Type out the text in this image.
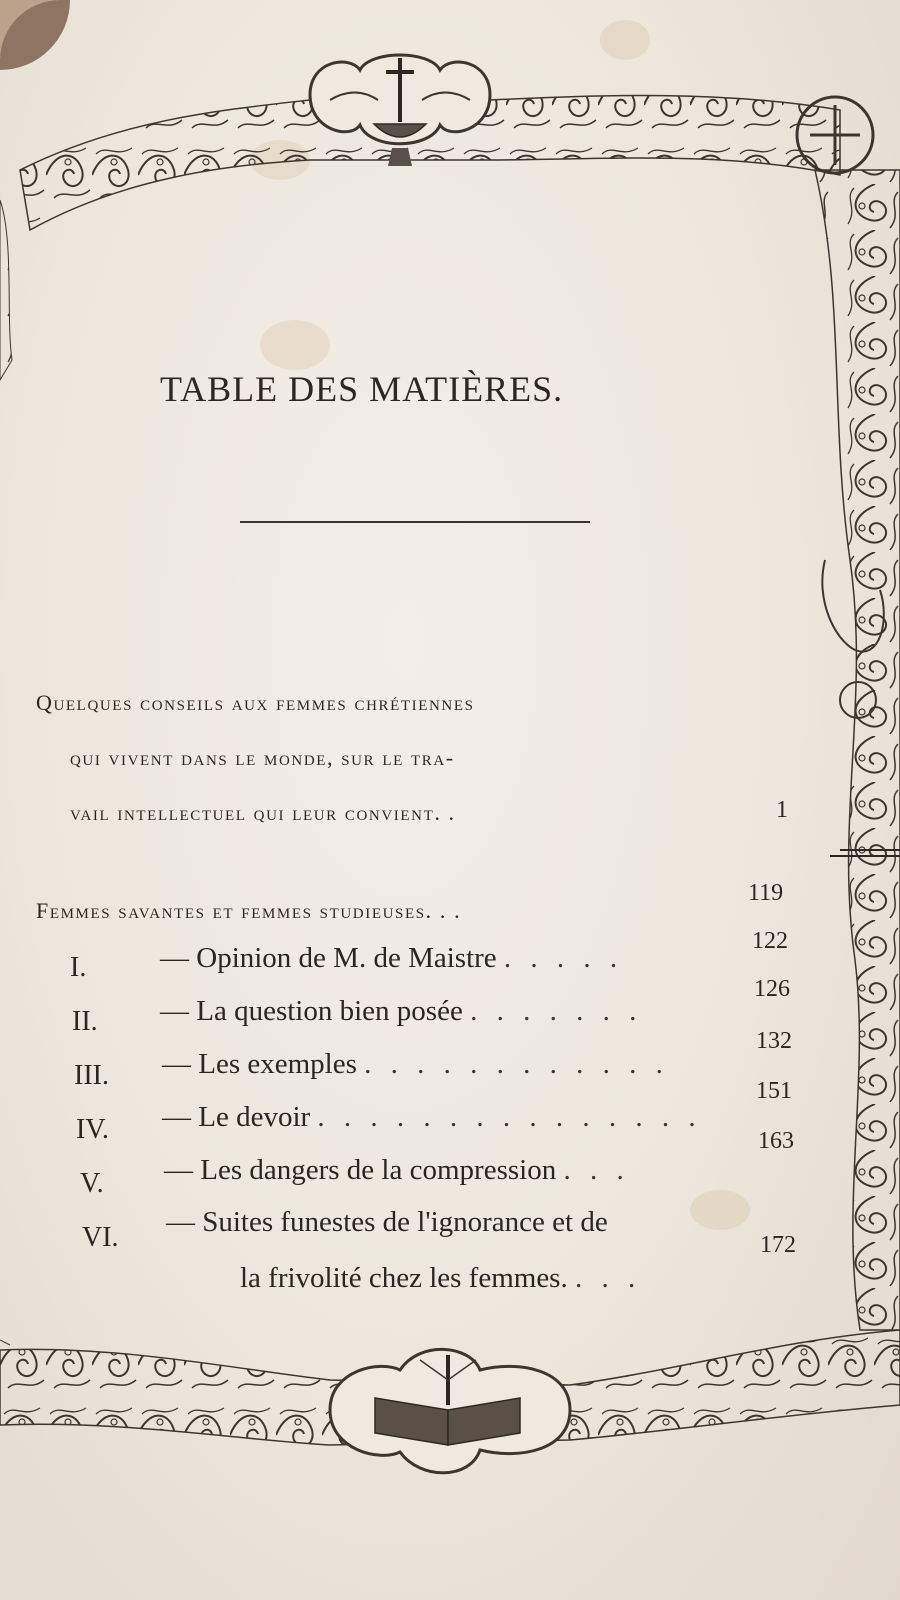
TABLE DES MATIÈRES.

Quelques conseils aux femmes chrétiennes

qui vivent dans le monde, sur le tra-

vail intellectuel qui leur convient. .	1

Femmes savantes et femmes studieuses. . .

119
I.	— Opinion de M. de Maistre . . . . .

122
II. — La question bien posée . . . . . . .

126
III. — Les exemples . . . . . . . . . . . .

132
IV. — Le devoir . . . . . . . . . . . . . . .

151
V. — Les dangers de la compression . . .

163
VI. — Suites funestes de l'ignorance et de

la frivolité chez les femmes. . . .

172
